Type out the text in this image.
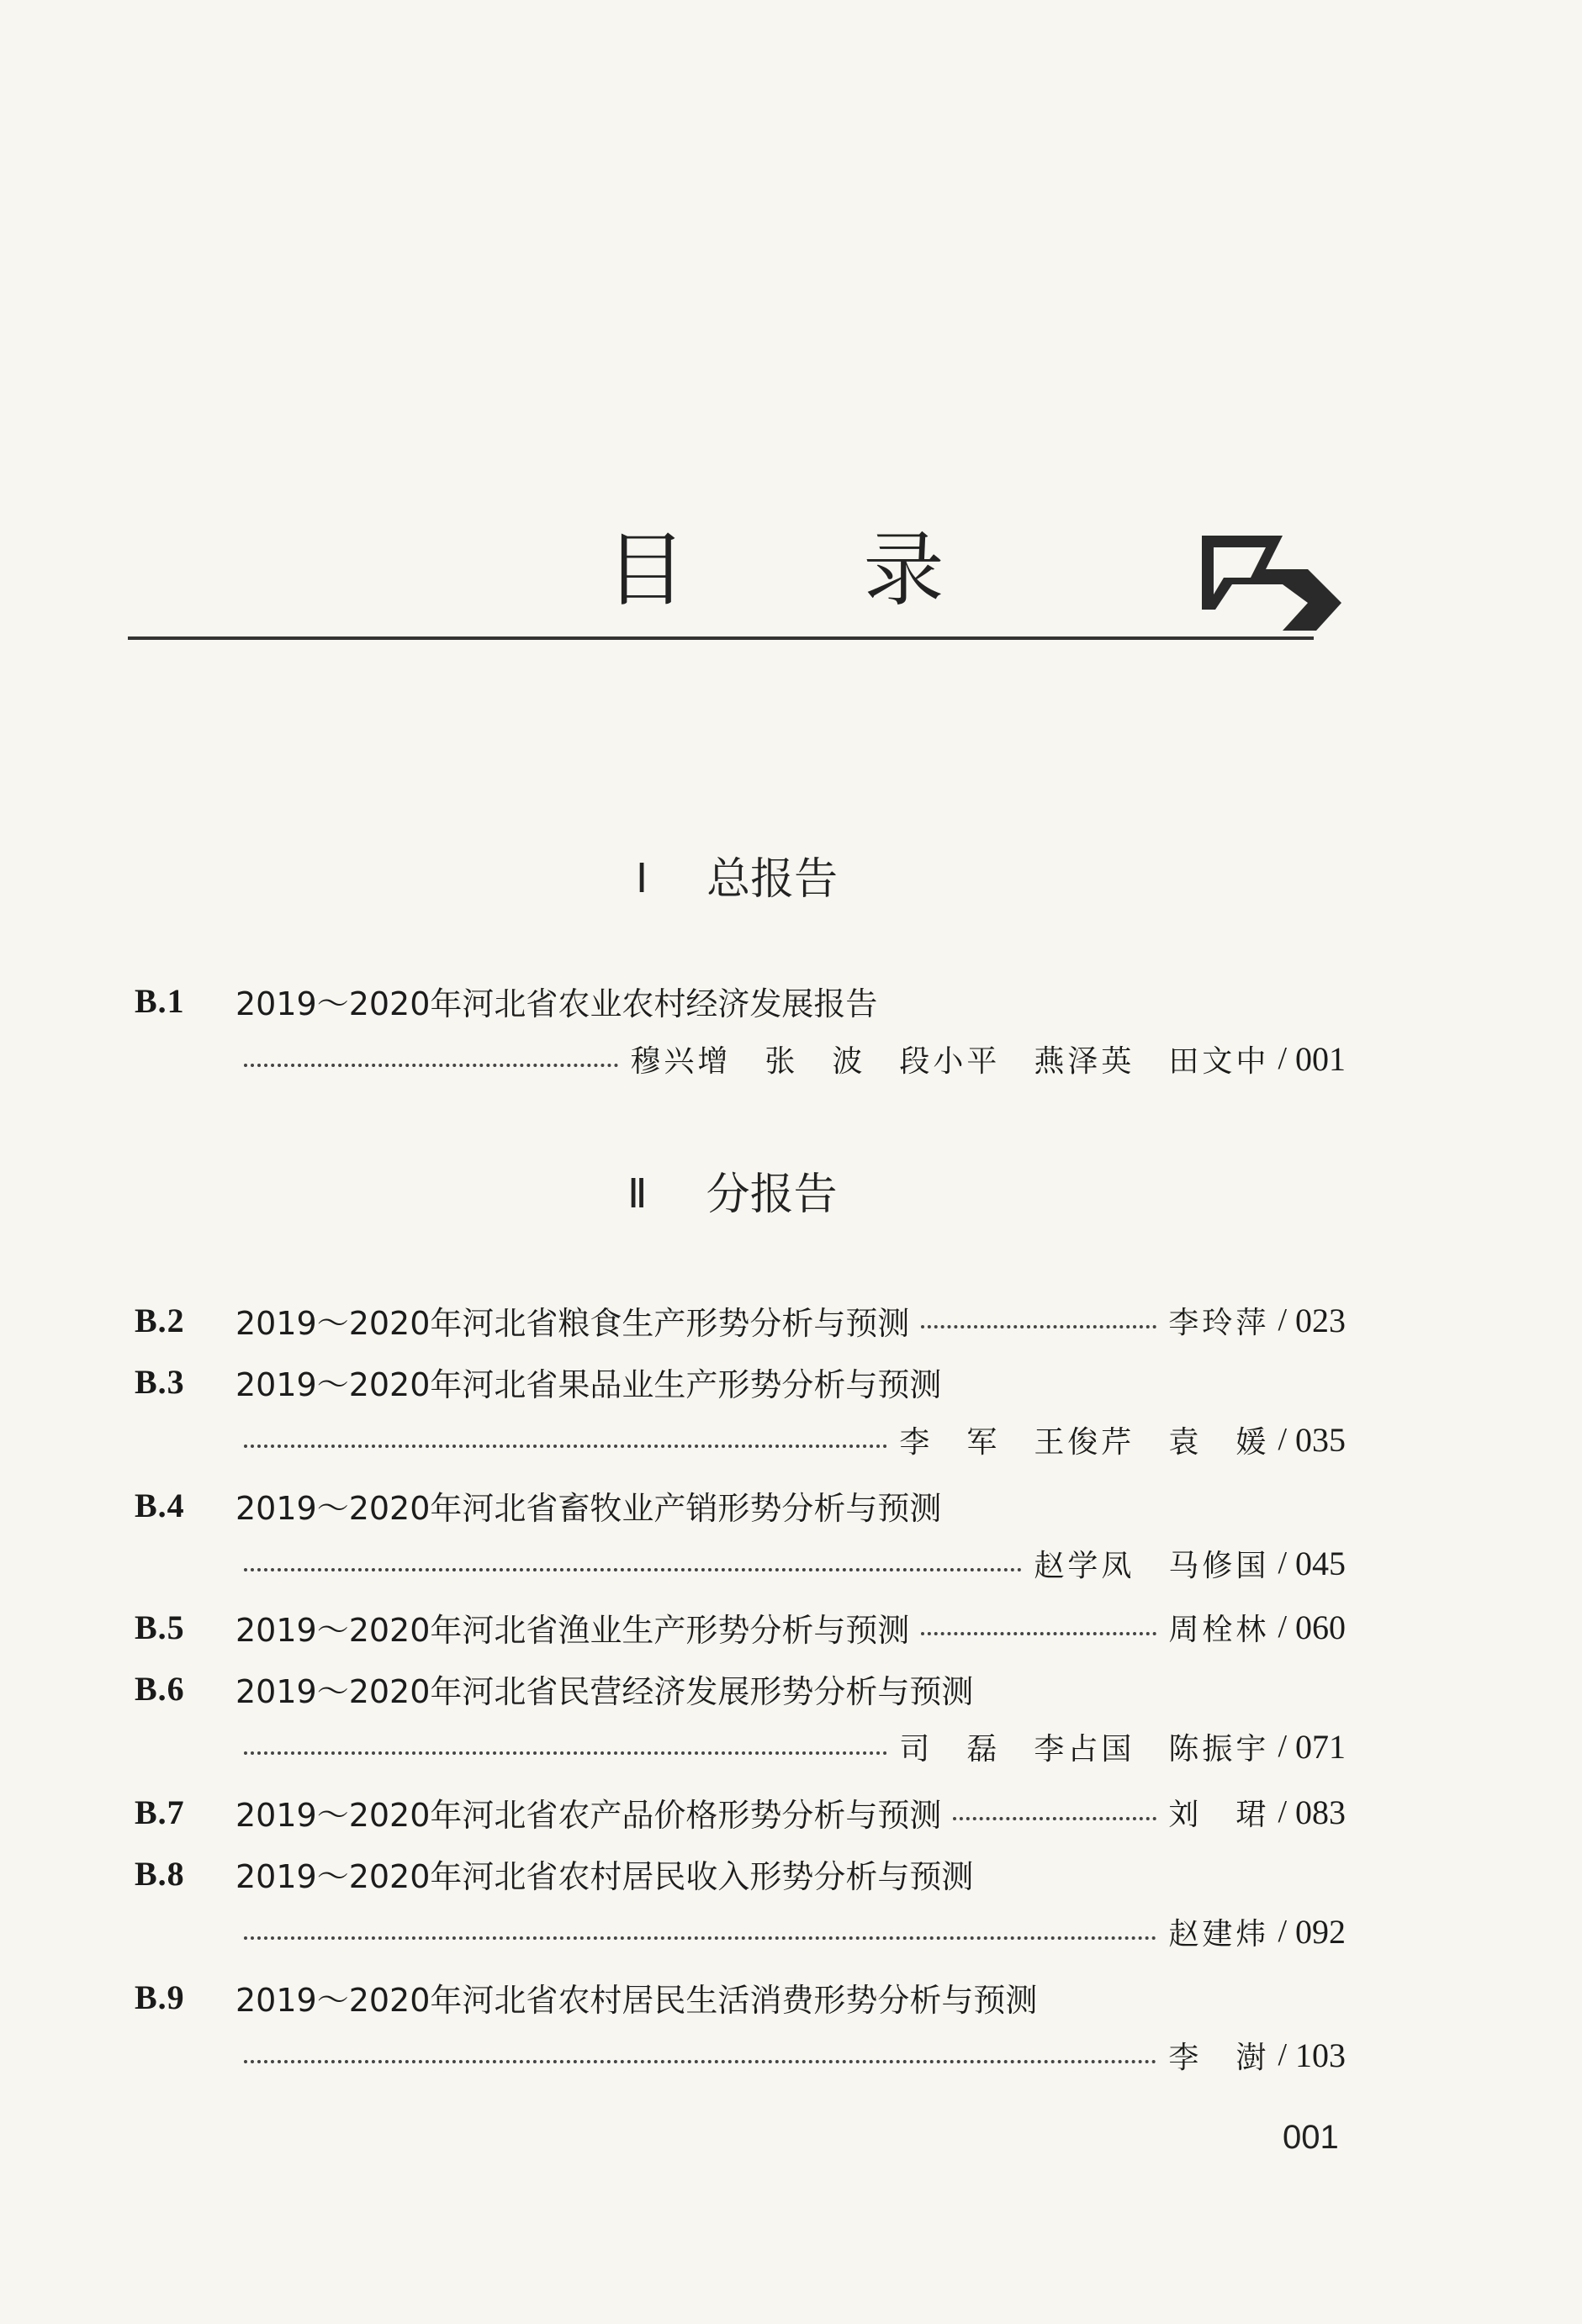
目 录
Ⅰ 总报告
Ⅱ 分报告
B.1	2019～2020年河北省农业农村经济发展报告
穆兴增　张　波　段小平　燕泽英　田文中 / 001
B.2	2019～2020年河北省粮食生产形势分析与预测	李玲萍 / 023
B.3	2019～2020年河北省果品业生产形势分析与预测
李　军　王俊芹　袁　媛 / 035
B.4	2019～2020年河北省畜牧业产销形势分析与预测
赵学凤　马修国 / 045
B.5	2019～2020年河北省渔业生产形势分析与预测	周栓林 / 060
B.6	2019～2020年河北省民营经济发展形势分析与预测
司　磊　李占国　陈振宇 / 071
B.7	2019～2020年河北省农产品价格形势分析与预测	刘　珺 / 083
B.8	2019～2020年河北省农村居民收入形势分析与预测
赵建炜 / 092
B.9	2019～2020年河北省农村居民生活消费形势分析与预测
李　澍 / 103
001
